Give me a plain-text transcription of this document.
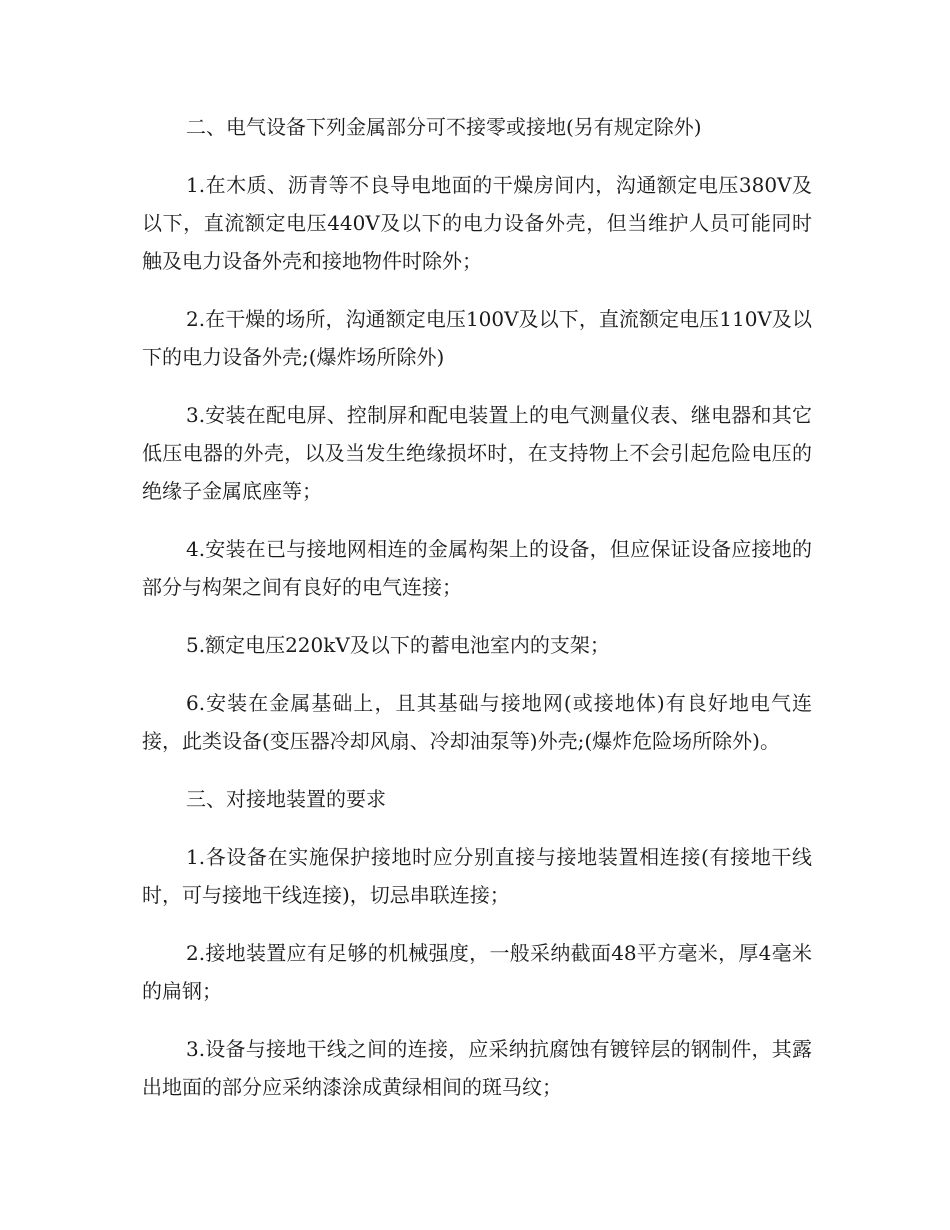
二、电气设备下列金属部分可不接零或接地(另有规定除外)

1.在木质、沥青等不良导电地面的干燥房间内，沟通额定电压380V及以下，直流额定电压440V及以下的电力设备外壳，但当维护人员可能同时触及电力设备外壳和接地物件时除外；

2.在干燥的场所，沟通额定电压100V及以下，直流额定电压110V及以下的电力设备外壳;(爆炸场所除外)

3.安装在配电屏、控制屏和配电装置上的电气测量仪表、继电器和其它低压电器的外壳，以及当发生绝缘损坏时，在支持物上不会引起危险电压的绝缘子金属底座等；

4.安装在已与接地网相连的金属构架上的设备，但应保证设备应接地的部分与构架之间有良好的电气连接；

5.额定电压220kV及以下的蓄电池室内的支架；

6.安装在金属基础上，且其基础与接地网(或接地体)有良好地电气连接，此类设备(变压器冷却风扇、冷却油泵等)外壳;(爆炸危险场所除外)。

三、对接地装置的要求

1.各设备在实施保护接地时应分别直接与接地装置相连接(有接地干线时，可与接地干线连接)，切忌串联连接；

2.接地装置应有足够的机械强度，一般采纳截面48平方毫米，厚4毫米的扁钢；

3.设备与接地干线之间的连接，应采纳抗腐蚀有镀锌层的钢制件，其露出地面的部分应采纳漆涂成黄绿相间的斑马纹；
